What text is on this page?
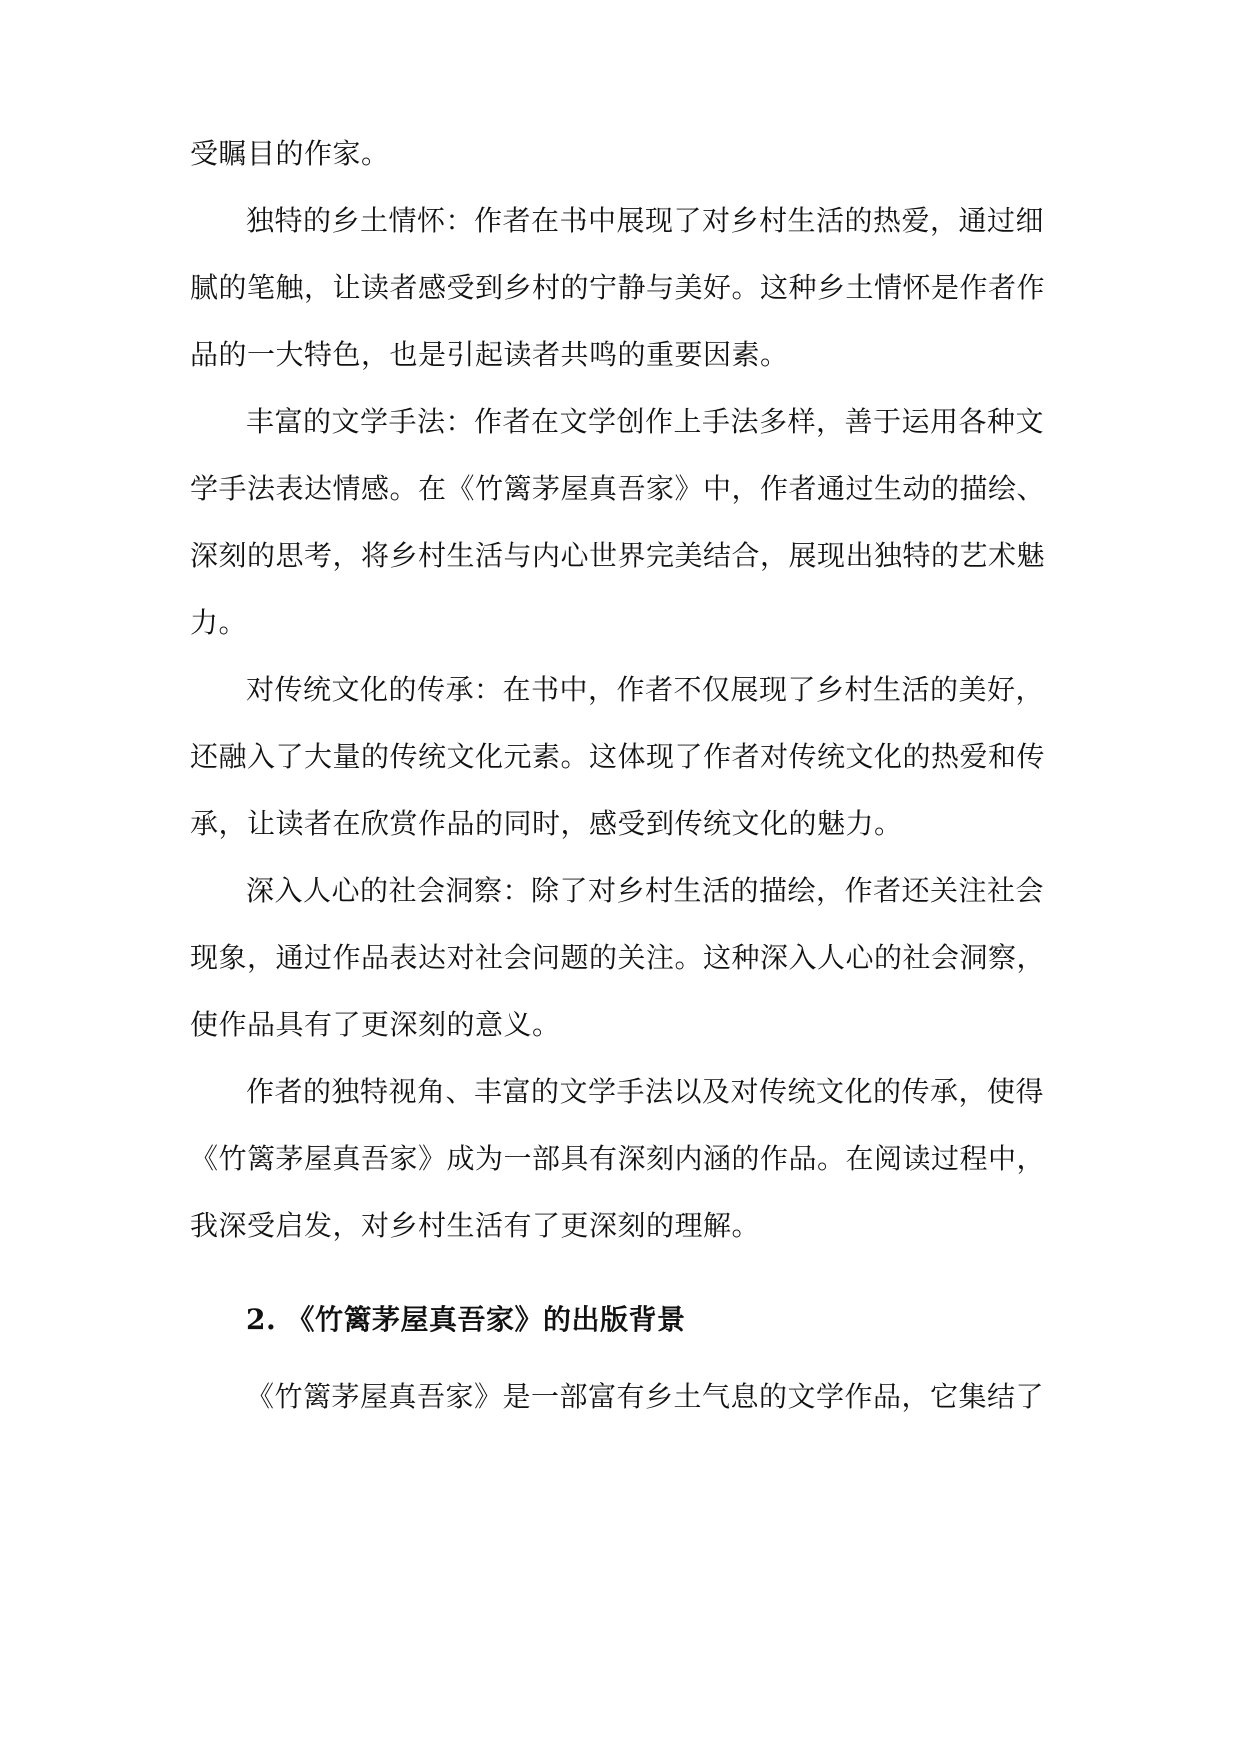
受瞩目的作家。
独特的乡土情怀：作者在书中展现了对乡村生活的热爱，通过细
腻的笔触，让读者感受到乡村的宁静与美好。这种乡土情怀是作者作
品的一大特色，也是引起读者共鸣的重要因素。
丰富的文学手法：作者在文学创作上手法多样，善于运用各种文
学手法表达情感。在《竹篱茅屋真吾家》中，作者通过生动的描绘、
深刻的思考，将乡村生活与内心世界完美结合，展现出独特的艺术魅
力。
对传统文化的传承：在书中，作者不仅展现了乡村生活的美好，
还融入了大量的传统文化元素。这体现了作者对传统文化的热爱和传
承，让读者在欣赏作品的同时，感受到传统文化的魅力。
深入人心的社会洞察：除了对乡村生活的描绘，作者还关注社会
现象，通过作品表达对社会问题的关注。这种深入人心的社会洞察，
使作品具有了更深刻的意义。
作者的独特视角、丰富的文学手法以及对传统文化的传承，使得
《竹篱茅屋真吾家》成为一部具有深刻内涵的作品。在阅读过程中，
我深受启发，对乡村生活有了更深刻的理解。
2. 《竹篱茅屋真吾家》的出版背景
《竹篱茅屋真吾家》是一部富有乡土气息的文学作品，它集结了
